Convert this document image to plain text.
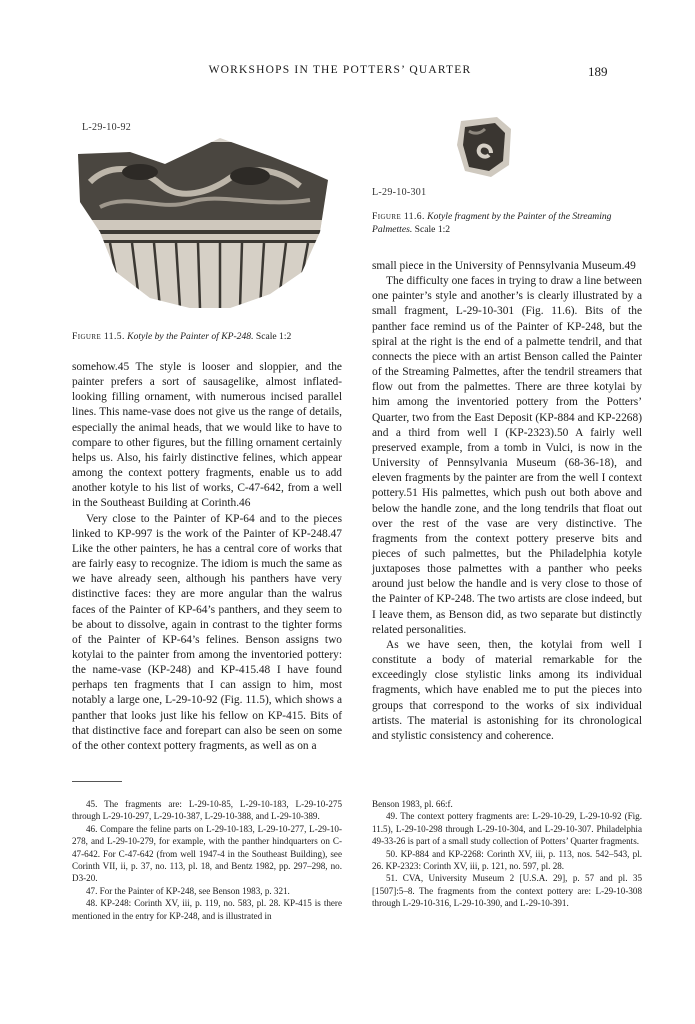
WORKSHOPS IN THE POTTERS’ QUARTER	189
L-29-10-92
Figure 11.5. Kotyle by the Painter of KP-248. Scale 1:2
L-29-10-301
Figure 11.6. Kotyle fragment by the Painter of the Streaming Palmettes. Scale 1:2

somehow.45 The style is looser and sloppier, and the painter prefers a sort of sausagelike, almost inflated-looking filling ornament, with numerous incised parallel lines. This name-vase does not give us the range of details, especially the animal heads, that we would like to have to compare to other figures, but the filling ornament certainly helps us. Also, his fairly distinctive felines, which appear among the context pottery fragments, enable us to add another kotyle to his list of works, C-47-642, from a well in the Southeast Building at Corinth.46

Very close to the Painter of KP-64 and to the pieces linked to KP-997 is the work of the Painter of KP-248.47 Like the other painters, he has a central core of works that are fairly easy to recognize. The idiom is much the same as we have already seen, although his panthers have very distinctive faces: they are more angular than the walrus faces of the Painter of KP-64’s panthers, and they seem to be about to dissolve, again in contrast to the tighter forms of the Painter of KP-64’s felines. Benson assigns two kotylai to the painter from among the inventoried pottery: the name-vase (KP-248) and KP-415.48 I have found perhaps ten fragments that I can assign to him, most notably a large one, L-29-10-92 (Fig. 11.5), which shows a panther that looks just like his fellow on KP-415. Bits of that distinctive face and forepart can also be seen on some of the other context pottery fragments, as well as on a

small piece in the University of Pennsylvania Museum.49

The difficulty one faces in trying to draw a line between one painter’s style and another’s is clearly illustrated by a small fragment, L-29-10-301 (Fig. 11.6). Bits of the panther face remind us of the Painter of KP-248, but the spiral at the right is the end of a palmette tendril, and that connects the piece with an artist Benson called the Painter of the Streaming Palmettes, after the tendril streamers that flow out from the palmettes. There are three kotylai by him among the inventoried pottery from the Potters’ Quarter, two from the East Deposit (KP-884 and KP-2268) and a third from well I (KP-2323).50 A fairly well preserved example, from a tomb in Vulci, is now in the University of Pennsylvania Museum (68-36-18), and eleven fragments by the painter are from the well I context pottery.51 His palmettes, which push out both above and below the handle zone, and the long tendrils that float out over the rest of the vase are very distinctive. The fragments from the context pottery preserve bits and pieces of such palmettes, but the Philadelphia kotyle juxtaposes those palmettes with a panther who peeks around just below the handle and is very close to those of the Painter of KP-248. The two artists are close indeed, but I leave them, as Benson did, as two separate but distinctly related personalities.

As we have seen, then, the kotylai from well I constitute a body of material remarkable for the exceedingly close stylistic links among its individual fragments, which have enabled me to put the pieces into groups that correspond to the works of six individual artists. The material is astonishing for its chronological and stylistic consistency and coherence.

45. The fragments are: L-29-10-85, L-29-10-183, L-29-10-275 through L-29-10-297, L-29-10-387, L-29-10-388, and L-29-10-389.

46. Compare the feline parts on L-29-10-183, L-29-10-277, L-29-10-278, and L-29-10-279, for example, with the panther hindquarters on C-47-642. For C-47-642 (from well 1947-4 in the Southeast Building), see Corinth VII, ii, p. 37, no. 113, pl. 18, and Bentz 1982, pp. 297–298, no. D3-20.

47. For the Painter of KP-248, see Benson 1983, p. 321.

48. KP-248: Corinth XV, iii, p. 119, no. 583, pl. 28. KP-415 is there mentioned in the entry for KP-248, and is illustrated in

Benson 1983, pl. 66:f.

49. The context pottery fragments are: L-29-10-29, L-29-10-92 (Fig. 11.5), L-29-10-298 through L-29-10-304, and L-29-10-307. Philadelphia 49-33-26 is part of a small study collection of Potters’ Quarter fragments.

50. KP-884 and KP-2268: Corinth XV, iii, p. 113, nos. 542–543, pl. 26. KP-2323: Corinth XV, iii, p. 121, no. 597, pl. 28.

51. CVA, University Museum 2 [U.S.A. 29], p. 57 and pl. 35 [1507]:5–8. The fragments from the context pottery are: L-29-10-308 through L-29-10-316, L-29-10-390, and L-29-10-391.
